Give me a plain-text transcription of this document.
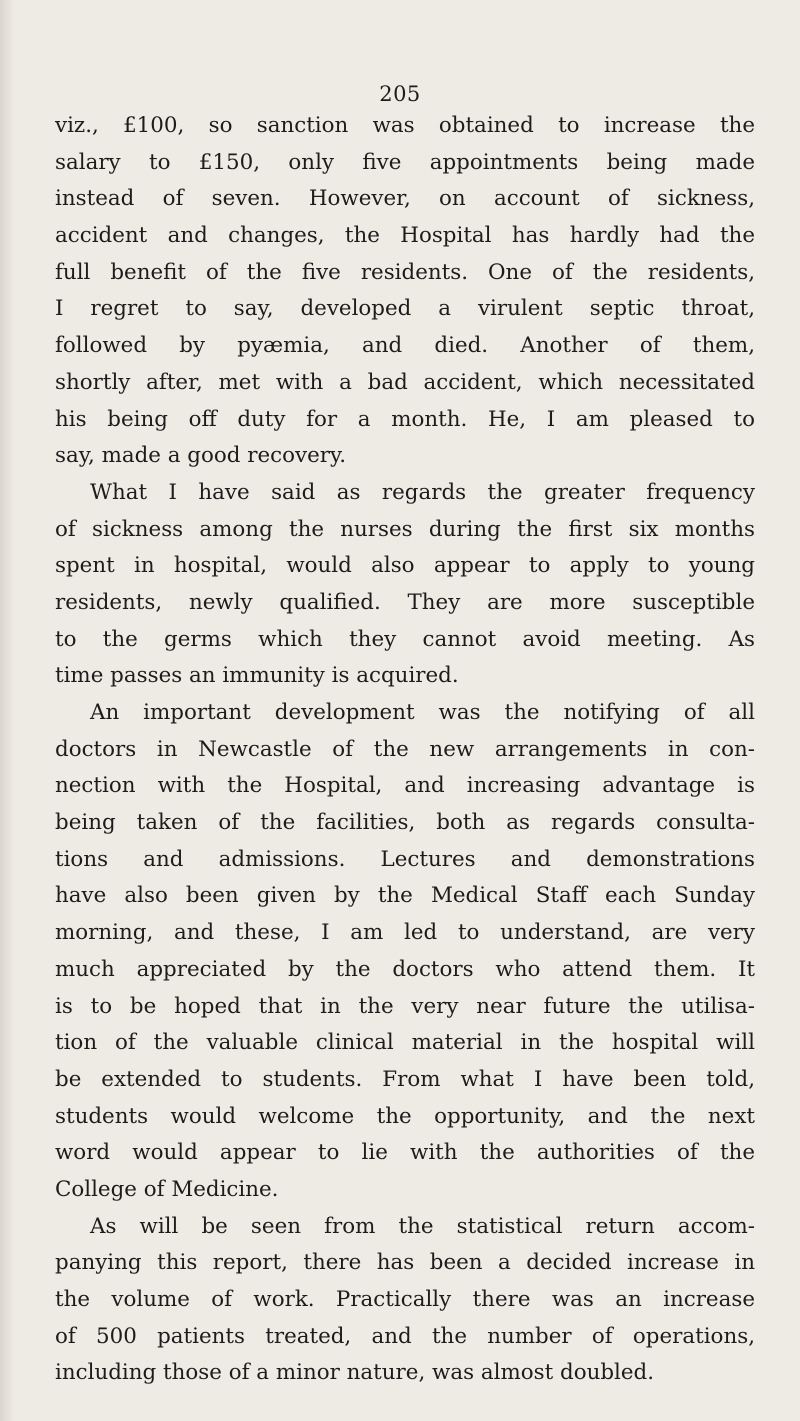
205
viz., £100, so sanction was obtained to increase the
salary to £150, only five appointments being made
instead of seven. However, on account of sickness,
accident and changes, the Hospital has hardly had the
full benefit of the five residents. One of the residents,
I regret to say, developed a virulent septic throat,
followed by pyæmia, and died. Another of them,
shortly after, met with a bad accident, which necessitated
his being off duty for a month. He, I am pleased to
say, made a good recovery.
What I have said as regards the greater frequency
of sickness among the nurses during the first six months
spent in hospital, would also appear to apply to young
residents, newly qualified. They are more susceptible
to the germs which they cannot avoid meeting. As
time passes an immunity is acquired.
An important development was the notifying of all
doctors in Newcastle of the new arrangements in con-
nection with the Hospital, and increasing advantage is
being taken of the facilities, both as regards consulta-
tions and admissions. Lectures and demonstrations
have also been given by the Medical Staff each Sunday
morning, and these, I am led to understand, are very
much appreciated by the doctors who attend them. It
is to be hoped that in the very near future the utilisa-
tion of the valuable clinical material in the hospital will
be extended to students. From what I have been told,
students would welcome the opportunity, and the next
word would appear to lie with the authorities of the
College of Medicine.
As will be seen from the statistical return accom-
panying this report, there has been a decided increase in
the volume of work. Practically there was an increase
of 500 patients treated, and the number of operations,
including those of a minor nature, was almost doubled.
